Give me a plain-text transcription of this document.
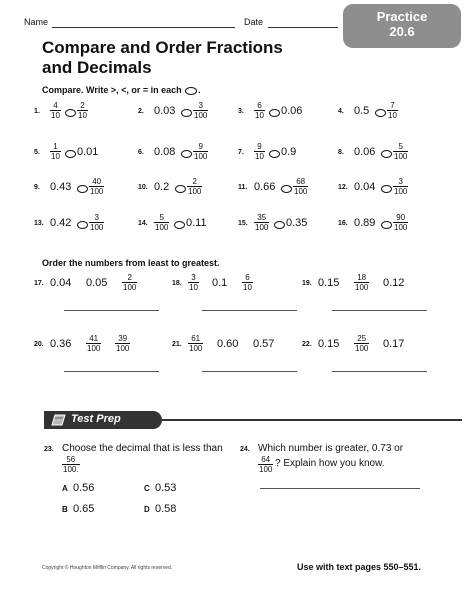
Name	Date	Practice
20.6
Compare and Order Fractions
and Decimals
Compare. Write >, <, or = in each .
1. $\frac{4}{10} \frac{2}{10}$	2. $0.03 \frac{3}{100}$	3. $\frac{6}{10} 0.06$	4. $0.5 \frac{7}{10}$
5. $\frac{1}{10} 0.01$	6. $0.08 \frac{9}{100}$	7. $\frac{9}{10} 0.9$	8. $0.06 \frac{5}{100}$
9. $0.43 \frac{40}{100}$	10. $0.2 \frac{2}{100}$	11. $0.66 \frac{68}{100}$	12. $0.04 \frac{3}{100}$
13. $0.42 \frac{3}{100}$	14. $\frac{5}{100} 0.11$	15. $\frac{35}{100} 0.35$	16. $0.89 \frac{90}{100}$
Order the numbers from least to greatest.
17. 0.04 $0.05 \frac{2}{100}$	18. $\frac{3}{10} 0.1 \frac{6}{10}$	19. $0.15 \frac{18}{100} 0.12$
20. $0.36 \frac{41}{100} \frac{39}{100}$	21. $\frac{61}{100} 0.60$ 0.57	22. $0.15 \frac{25}{100} 0.17$
Test Prep
23. Choose the decimal that is less than
$\frac{56}{100.}$
A 0.56	C 0.53
B 0.65	D 0.58
24. Which number is greater, 0.73 or
$\frac{64}{100}$ ? Explain how you know.
Copyright © Houghton Mifflin Company. All rights reserved.	Use with text pages 550–551.
